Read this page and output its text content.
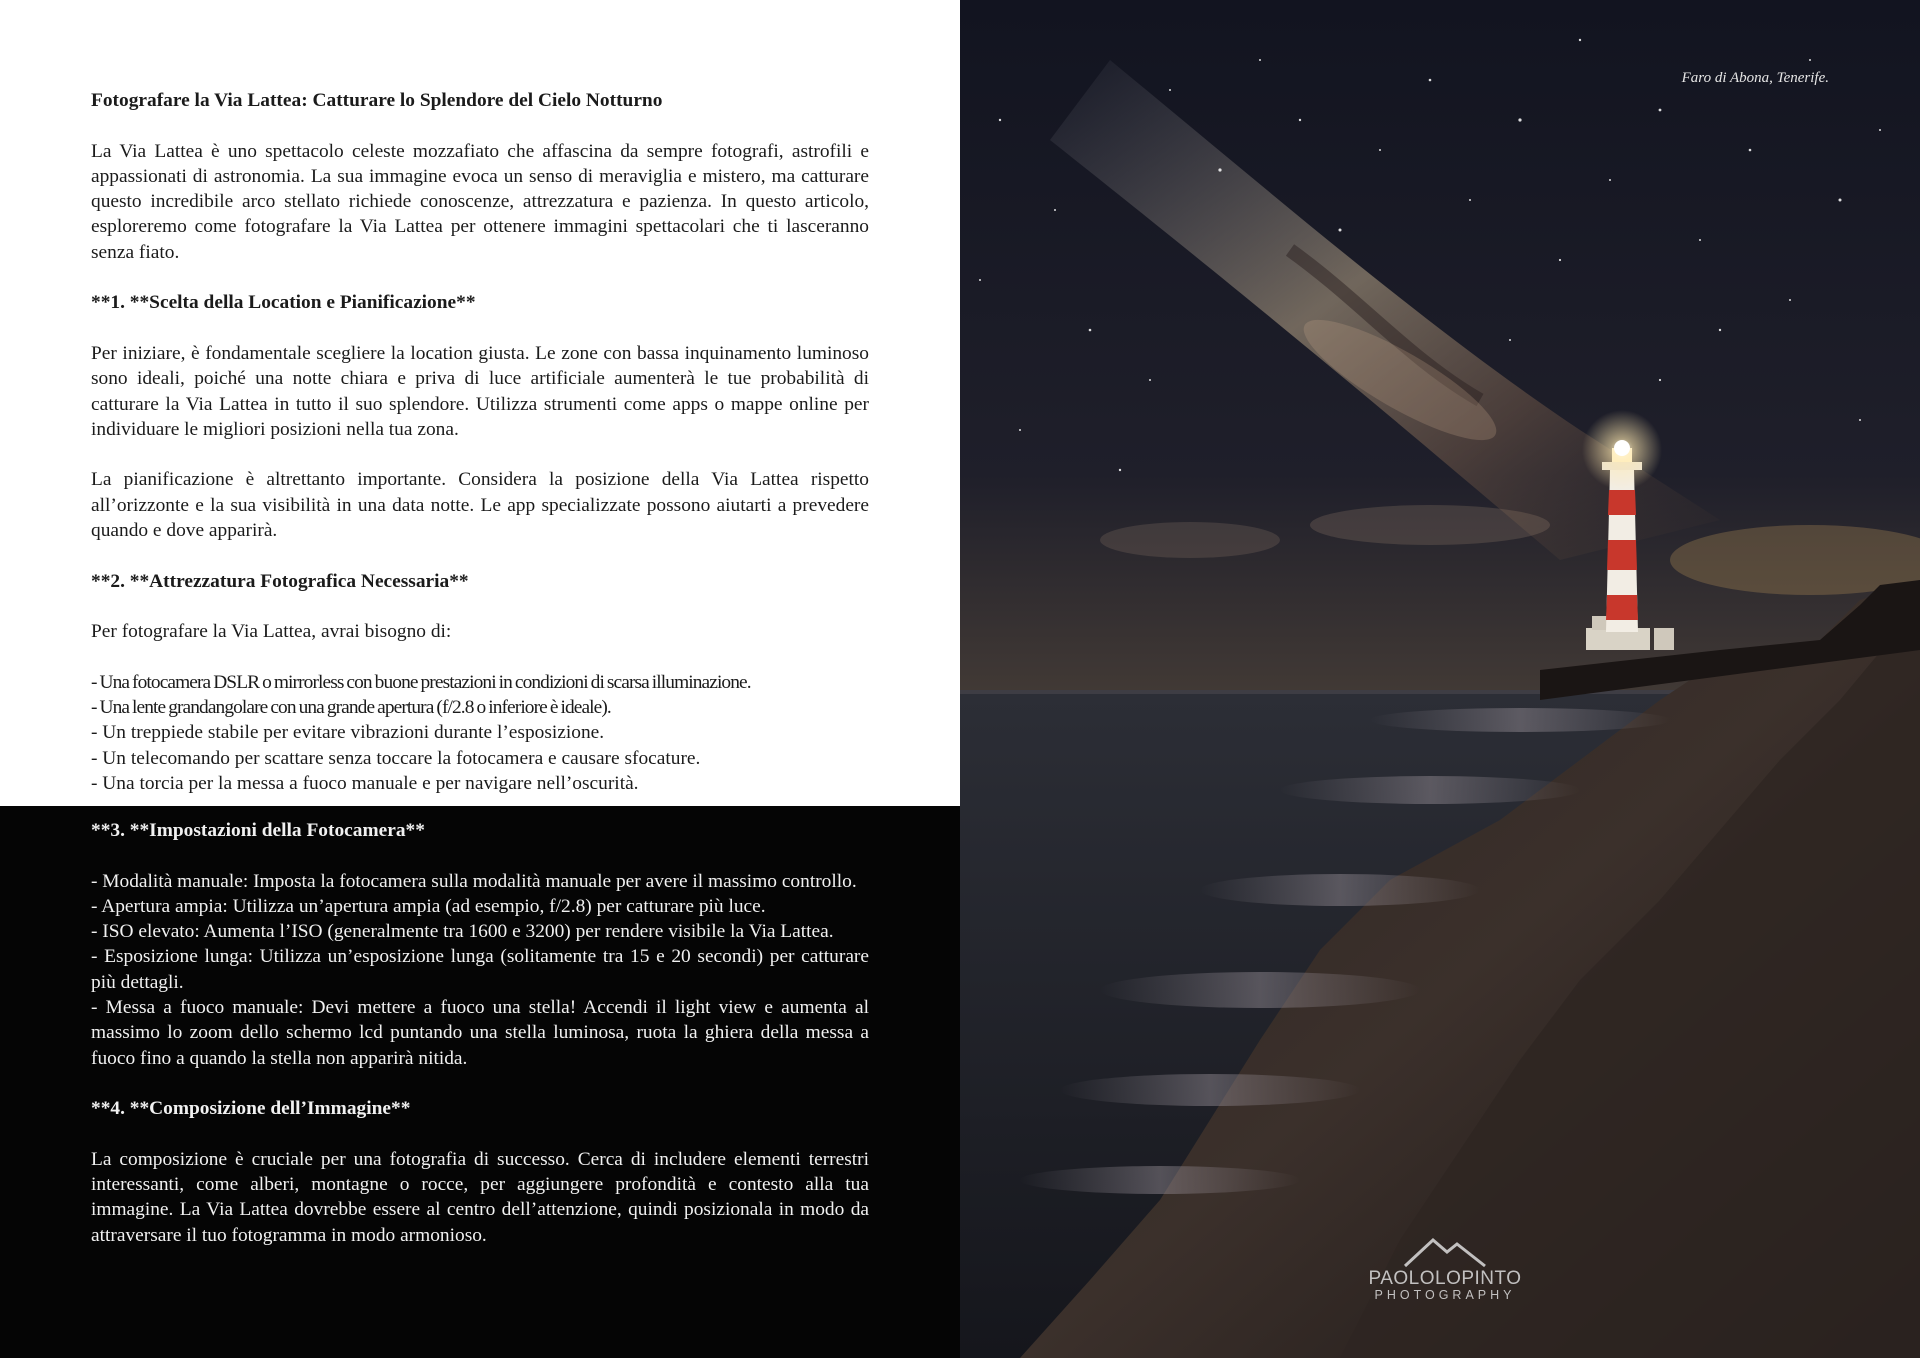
Fotografare la Via Lattea: Catturare lo Splendore del Cielo Notturno

La Via Lattea è uno spettacolo celeste mozzafiato che affascina da sempre fotografi, astrofili e appassionati di astronomia. La sua immagine evoca un senso di meraviglia e mistero, ma catturare questo incredibile arco stellato richiede conoscenze, attrezzatura e pazienza. In questo articolo, esploreremo come fotografare la Via Lattea per ottenere immagini spettacolari che ti lasceranno senza fiato.

**1. **Scelta della Location e Pianificazione**

Per iniziare, è fondamentale scegliere la location giusta. Le zone con bassa inquinamento luminoso sono ideali, poiché una notte chiara e priva di luce artificiale aumenterà le tue probabilità di catturare la Via Lattea in tutto il suo splendore. Utilizza strumenti come apps o mappe online per individuare le migliori posizioni nella tua zona.

La pianificazione è altrettanto importante. Considera la posizione della Via Lattea rispetto all’orizzonte e la sua visibilità in una data notte. Le app specializzate possono aiutarti a prevedere quando e dove apparirà.

**2. **Attrezzatura Fotografica Necessaria**

Per fotografare la Via Lattea, avrai bisogno di:

- Una fotocamera DSLR o mirrorless con buone prestazioni in condizioni di scarsa illuminazione.
- Una lente grandangolare con una grande apertura (f/2.8 o inferiore è ideale).
- Un treppiede stabile per evitare vibrazioni durante l’esposizione.
- Un telecomando per scattare senza toccare la fotocamera e causare sfocature.
- Una torcia per la messa a fuoco manuale e per navigare nell’oscurità.

**3. **Impostazioni della Fotocamera**

- Modalità manuale: Imposta la fotocamera sulla modalità manuale per avere il massimo controllo.
- Apertura ampia: Utilizza un’apertura ampia (ad esempio, f/2.8) per catturare più luce.
- ISO elevato: Aumenta l’ISO (generalmente tra 1600 e 3200) per rendere visibile la Via Lattea.
- Esposizione lunga: Utilizza un’esposizione lunga (solitamente tra 15 e 20 secondi) per catturare più dettagli.
- Messa a fuoco manuale: Devi mettere a fuoco una stella! Accendi il light view e aumenta al massimo lo zoom dello schermo lcd puntando una stella luminosa, ruota la ghiera della messa a fuoco fino a quando la stella non apparirà nitida.

**4. **Composizione dell’Immagine**

La composizione è cruciale per una fotografia di successo. Cerca di includere elementi terrestri interessanti, come alberi, montagne o rocce, per aggiungere profondità e contesto alla tua immagine. La Via Lattea dovrebbe essere al centro dell’attenzione, quindi posizionala in modo da attraversare il tuo fotogramma in modo armonioso.

Faro di Abona, Tenerife.
PAOLOLOPINTO
PHOTOGRAPHY
